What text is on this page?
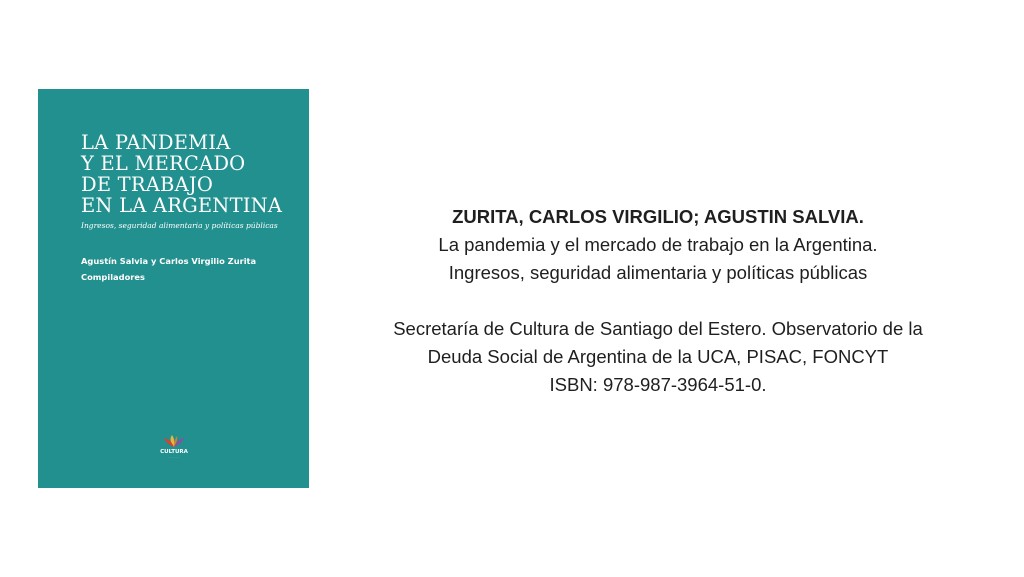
LA PANDEMIA
Y EL MERCADO
DE TRABAJO
EN LA ARGENTINA
Ingresos, seguridad alimentaria y políticas públicas
Agustín Salvia y Carlos Virgilio Zurita
Compiladores
CULTURA
· · · · · ·
ZURITA, CARLOS VIRGILIO; AGUSTIN SALVIA.
La pandemia y el mercado de trabajo en la Argentina.
Ingresos, seguridad alimentaria y políticas públicas
Secretaría de Cultura de Santiago del Estero. Observatorio de la
Deuda Social de Argentina de la UCA, PISAC, FONCYT
ISBN: 978-987-3964-51-0.
